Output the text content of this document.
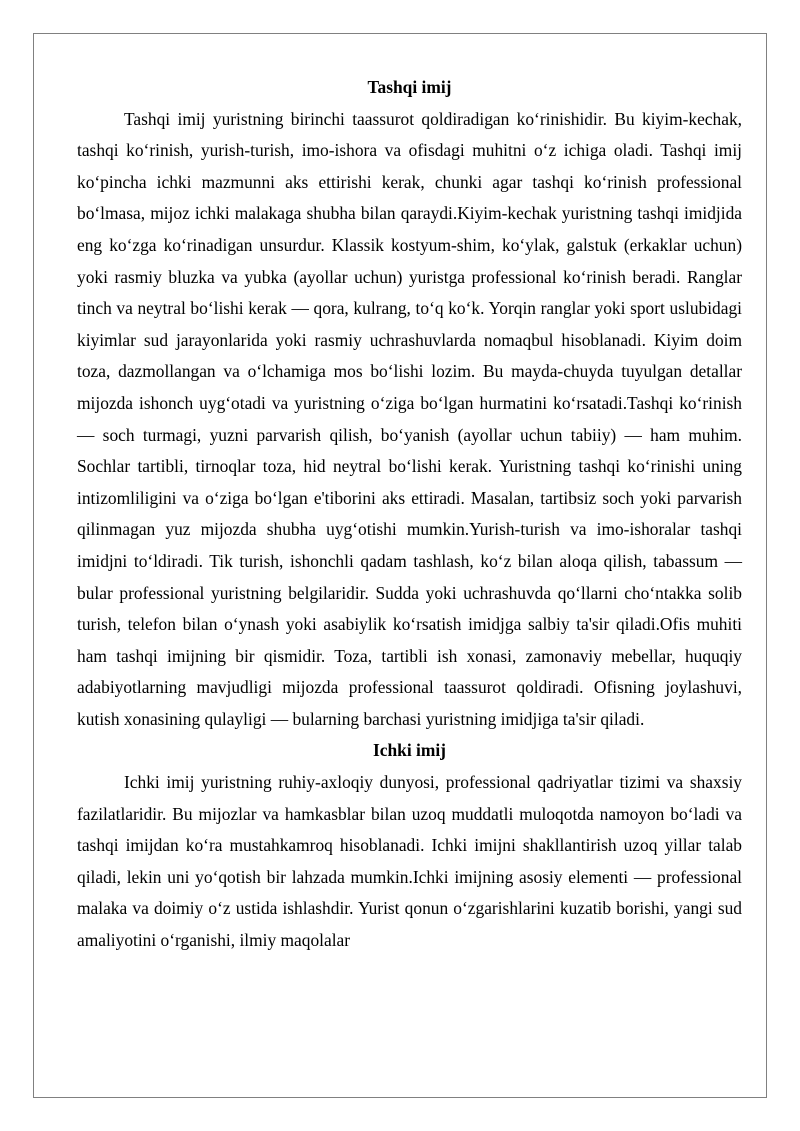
Tashqi imij

Tashqi imij yuristning birinchi taassurot qoldiradigan ko‘rinishidir. Bu kiyim-kechak, tashqi ko‘rinish, yurish-turish, imo-ishora va ofisdagi muhitni o‘z ichiga oladi. Tashqi imij ko‘pincha ichki mazmunni aks ettirishi kerak, chunki agar tashqi ko‘rinish professional bo‘lmasa, mijoz ichki malakaga shubha bilan qaraydi.Kiyim-kechak yuristning tashqi imidjida eng ko‘zga ko‘rinadigan unsurdur. Klassik kostyum-shim, ko‘ylak, galstuk (erkaklar uchun) yoki rasmiy bluzka va yubka (ayollar uchun) yuristga professional ko‘rinish beradi. Ranglar tinch va neytral bo‘lishi kerak — qora, kulrang, to‘q ko‘k. Yorqin ranglar yoki sport uslubidagi kiyimlar sud jarayonlarida yoki rasmiy uchrashuvlarda nomaqbul hisoblanadi. Kiyim doim toza, dazmollangan va o‘lchamiga mos bo‘lishi lozim. Bu mayda-chuyda tuyulgan detallar mijozda ishonch uyg‘otadi va yuristning o‘ziga bo‘lgan hurmatini ko‘rsatadi.Tashqi ko‘rinish — soch turmagi, yuzni parvarish qilish, bo‘yanish (ayollar uchun tabiiy) — ham muhim. Sochlar tartibli, tirnoqlar toza, hid neytral bo‘lishi kerak. Yuristning tashqi ko‘rinishi uning intizomliligini va o‘ziga bo‘lgan e'tiborini aks ettiradi. Masalan, tartibsiz soch yoki parvarish qilinmagan yuz mijozda shubha uyg‘otishi mumkin.Yurish-turish va imo-ishoralar tashqi imidjni to‘ldiradi. Tik turish, ishonchli qadam tashlash, ko‘z bilan aloqa qilish, tabassum — bular professional yuristning belgilaridir. Sudda yoki uchrashuvda qo‘llarni cho‘ntakka solib turish, telefon bilan o‘ynash yoki asabiylik ko‘rsatish imidjga salbiy ta'sir qiladi.Ofis muhiti ham tashqi imijning bir qismidir. Toza, tartibli ish xonasi, zamonaviy mebellar, huquqiy adabiyotlarning mavjudligi mijozda professional taassurot qoldiradi. Ofisning joylashuvi, kutish xonasining qulayligi — bularning barchasi yuristning imidjiga ta'sir qiladi.

Ichki imij

Ichki imij yuristning ruhiy-axloqiy dunyosi, professional qadriyatlar tizimi va shaxsiy fazilatlaridir. Bu mijozlar va hamkasblar bilan uzoq muddatli muloqotda namoyon bo‘ladi va tashqi imijdan ko‘ra mustahkamroq hisoblanadi. Ichki imijni shakllantirish uzoq yillar talab qiladi, lekin uni yo‘qotish bir lahzada mumkin.Ichki imijning asosiy elementi — professional malaka va doimiy o‘z ustida ishlashdir. Yurist qonun o‘zgarishlarini kuzatib borishi, yangi sud amaliyotini o‘rganishi, ilmiy maqolalar
